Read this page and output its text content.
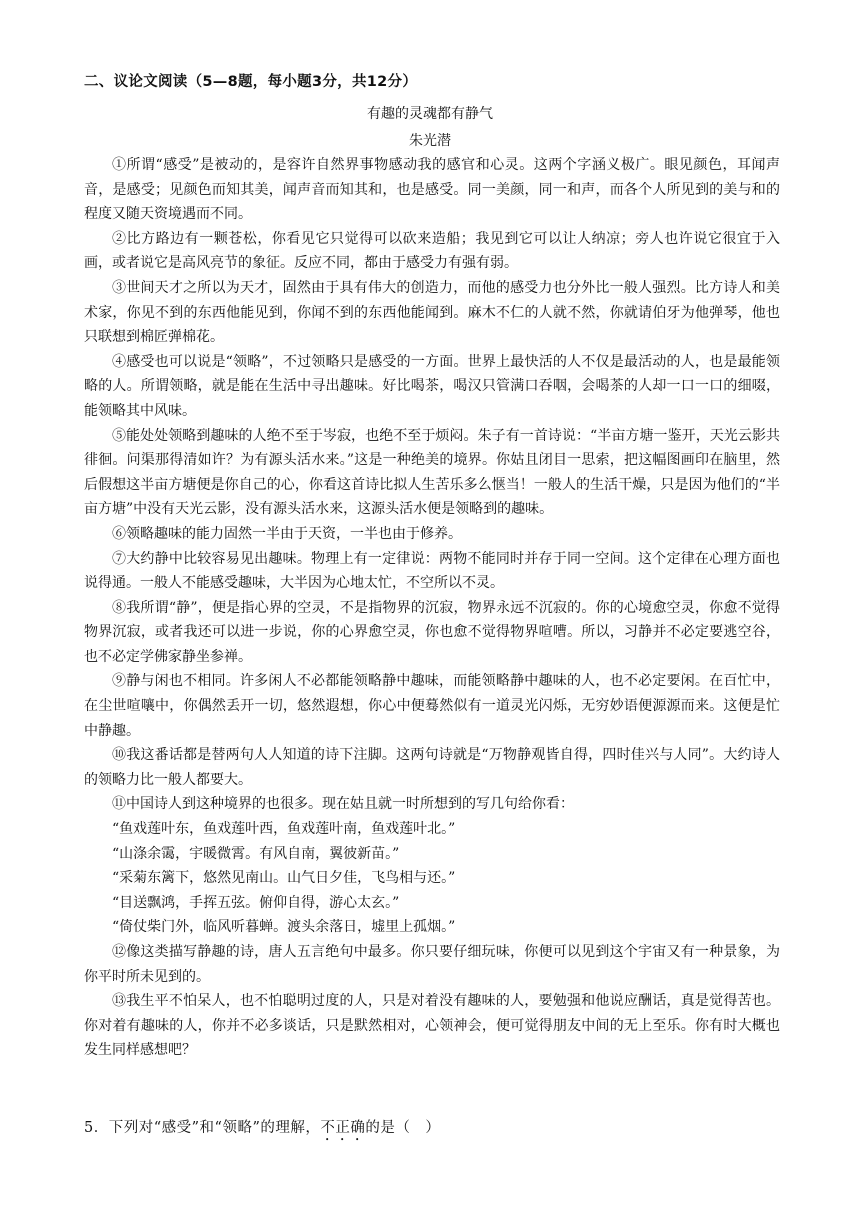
二、议论文阅读（5—8题，每小题3分，共12分）
有趣的灵魂都有静气
朱光潜

①所谓“感受”是被动的，是容许自然界事物感动我的感官和心灵。这两个字涵义极广。眼见颜色，耳闻声音，是感受；见颜色而知其美，闻声音而知其和，也是感受。同一美颜，同一和声，而各个人所见到的美与和的程度又随天资境遇而不同。

②比方路边有一颗苍松，你看见它只觉得可以砍来造船；我见到它可以让人纳凉；旁人也许说它很宜于入画，或者说它是高风亮节的象征。反应不同，都由于感受力有强有弱。

③世间天才之所以为天才，固然由于具有伟大的创造力，而他的感受力也分外比一般人强烈。比方诗人和美术家，你见不到的东西他能见到，你闻不到的东西他能闻到。麻木不仁的人就不然，你就请伯牙为他弹琴，他也只联想到棉匠弹棉花。

④感受也可以说是“领略”，不过领略只是感受的一方面。世界上最快活的人不仅是最活动的人，也是最能领略的人。所谓领略，就是能在生活中寻出趣味。好比喝茶，喝汉只管满口吞咽，会喝茶的人却一口一口的细啜，能领略其中风味。

⑤能处处领略到趣味的人绝不至于岑寂，也绝不至于烦闷。朱子有一首诗说：“半亩方塘一鉴开，天光云影共徘徊。问渠那得清如许？为有源头活水来。”这是一种绝美的境界。你姑且闭目一思索，把这幅图画印在脑里，然后假想这半亩方塘便是你自己的心，你看这首诗比拟人生苦乐多么惬当！一般人的生活干燥，只是因为他们的“半亩方塘”中没有天光云影，没有源头活水来，这源头活水便是领略到的趣味。

⑥领略趣味的能力固然一半由于天资，一半也由于修养。

⑦大约静中比较容易见出趣味。物理上有一定律说：两物不能同时并存于同一空间。这个定律在心理方面也说得通。一般人不能感受趣味，大半因为心地太忙，不空所以不灵。

⑧我所谓“静”，便是指心界的空灵，不是指物界的沉寂，物界永远不沉寂的。你的心境愈空灵，你愈不觉得物界沉寂，或者我还可以进一步说，你的心界愈空灵，你也愈不觉得物界喧嘈。所以，习静并不必定要逃空谷，也不必定学佛家静坐参禅。

⑨静与闲也不相同。许多闲人不必都能领略静中趣味，而能领略静中趣味的人，也不必定要闲。在百忙中，在尘世喧嚷中，你偶然丢开一切，悠然遐想，你心中便蓦然似有一道灵光闪烁，无穷妙语便源源而来。这便是忙中静趣。

⑩我这番话都是替两句人人知道的诗下注脚。这两句诗就是“万物静观皆自得，四时佳兴与人同”。大约诗人的领略力比一般人都要大。

⑪中国诗人到这种境界的也很多。现在姑且就一时所想到的写几句给你看：

“鱼戏莲叶东，鱼戏莲叶西，鱼戏莲叶南，鱼戏莲叶北。”

“山涤余霭，宇暖微霄。有风自南，翼彼新苗。”

“采菊东篱下，悠然见南山。山气日夕佳，飞鸟相与还。”

“目送飘鸿，手挥五弦。俯仰自得，游心太玄。”

“倚仗柴门外，临风听暮蝉。渡头余落日，墟里上孤烟。”

⑫像这类描写静趣的诗，唐人五言绝句中最多。你只要仔细玩味，你便可以见到这个宇宙又有一种景象，为你平时所未见到的。

⑬我生平不怕呆人，也不怕聪明过度的人，只是对着没有趣味的人，要勉强和他说应酬话，真是觉得苦也。你对着有趣味的人，你并不必多谈话，只是默然相对，心领神会，便可觉得朋友中间的无上至乐。你有时大概也发生同样感想吧？

5．下列对“感受”和“领略”的理解，不正确的是（　）
